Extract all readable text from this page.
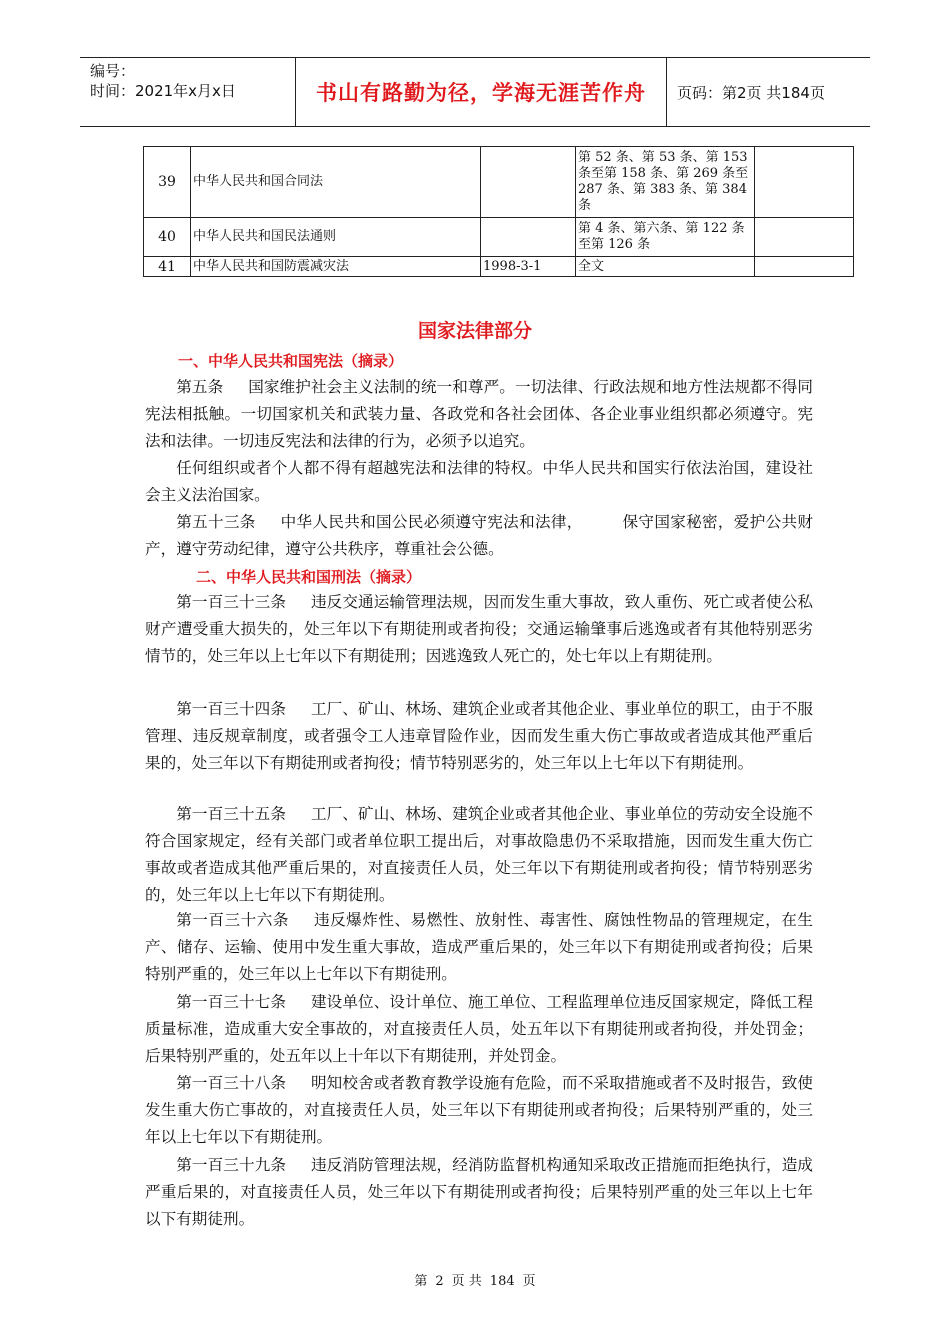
编号：
时间：2021年x月x日	书山有路勤为径，学海无涯苦作舟	页码：第2页 共184页
39	中华人民共和国合同法		第 52 条、第 53 条、第 153 条至第 158 条、第 269 条至 287 条、第 383 条、第 384 条	
40	中华人民共和国民法通则		第 4 条、第六条、第 122 条至第 126 条	
41	中华人民共和国防震减灾法	1998-3-1	全文	
国家法律部分
一、中华人民共和国宪法（摘录）

第五条 国家维护社会主义法制的统一和尊严。一切法律、行政法规和地方性法规都不得同宪法相抵触。一切国家机关和武装力量、各政党和各社会团体、各企业事业组织都必须遵守。宪法和法律。一切违反宪法和法律的行为，必须予以追究。

任何组织或者个人都不得有超越宪法和法律的特权。中华人民共和国实行依法治国，建设社会主义法治国家。

第五十三条 中华人民共和国公民必须遵守宪法和法律，　　　保守国家秘密，爱护公共财产，遵守劳动纪律，遵守公共秩序，尊重社会公德。

二、中华人民共和国刑法（摘录）

第一百三十三条 违反交通运输管理法规，因而发生重大事故，致人重伤、死亡或者使公私财产遭受重大损失的，处三年以下有期徒刑或者拘役；交通运输肇事后逃逸或者有其他特别恶劣情节的，处三年以上七年以下有期徒刑；因逃逸致人死亡的，处七年以上有期徒刑。

第一百三十四条 工厂、矿山、林场、建筑企业或者其他企业、事业单位的职工，由于不服管理、违反规章制度，或者强令工人违章冒险作业，因而发生重大伤亡事故或者造成其他严重后果的，处三年以下有期徒刑或者拘役；情节特别恶劣的，处三年以上七年以下有期徒刑。

第一百三十五条 工厂、矿山、林场、建筑企业或者其他企业、事业单位的劳动安全设施不符合国家规定，经有关部门或者单位职工提出后，对事故隐患仍不采取措施，因而发生重大伤亡事故或者造成其他严重后果的，对直接责任人员，处三年以下有期徒刑或者拘役；情节特别恶劣的，处三年以上七年以下有期徒刑。

第一百三十六条 违反爆炸性、易燃性、放射性、毒害性、腐蚀性物品的管理规定，在生产、储存、运输、使用中发生重大事故，造成严重后果的，处三年以下有期徒刑或者拘役；后果特别严重的，处三年以上七年以下有期徒刑。

第一百三十七条 建设单位、设计单位、施工单位、工程监理单位违反国家规定，降低工程质量标准，造成重大安全事故的，对直接责任人员，处五年以下有期徒刑或者拘役，并处罚金；后果特别严重的，处五年以上十年以下有期徒刑，并处罚金。

第一百三十八条 明知校舍或者教育教学设施有危险，而不采取措施或者不及时报告，致使发生重大伤亡事故的，对直接责任人员，处三年以下有期徒刑或者拘役；后果特别严重的，处三年以上七年以下有期徒刑。

第一百三十九条 违反消防管理法规，经消防监督机构通知采取改正措施而拒绝执行，造成严重后果的，对直接责任人员，处三年以下有期徒刑或者拘役；后果特别严重的处三年以上七年以下有期徒刑。

第 2 页 共 184 页
